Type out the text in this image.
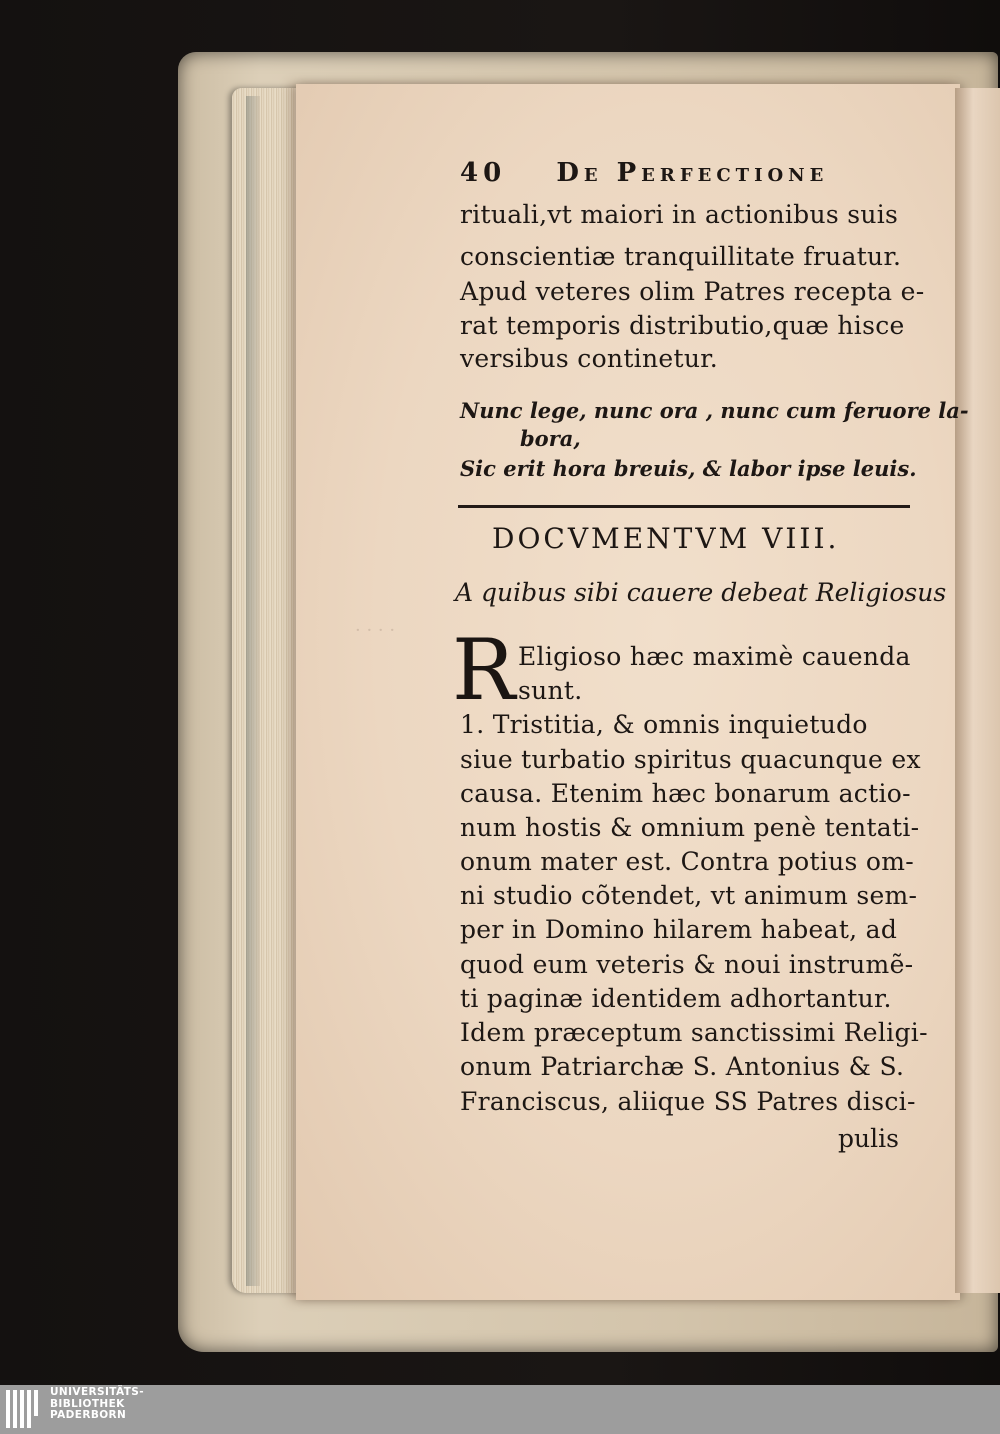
40 De Perfectione
rituali,vt maiori in actionibus suis
conscientiæ tranquillitate fruatur.
Apud veteres olim Patres recepta e-
rat temporis distributio,quæ hisce
versibus continetur.
Nunc lege, nunc ora , nunc cum feruore la-
bora,
Sic erit hora breuis, & labor ipse leuis.
DOCVMENTVM VIII.
A quibus sibi cauere debeat Religiosus
· · · · R Eligioso hæc maximè cauenda
sunt.
1. Tristitia, & omnis inquietudo
siue turbatio spiritus quacunque ex
causa. Etenim hæc bonarum actio-
num hostis & omnium penè tentati-
onum mater est. Contra potius om-
ni studio cõtendet, vt animum sem-
per in Domino hilarem habeat, ad
quod eum veteris & noui instrumẽ-
ti paginæ identidem adhortantur.
Idem præceptum sanctissimi Religi-
onum Patriarchæ S. Antonius & S.
Franciscus, aliique SS Patres disci-
pulis
UNIVERSITÄTS-
BIBLIOTHEK
PADERBORN
